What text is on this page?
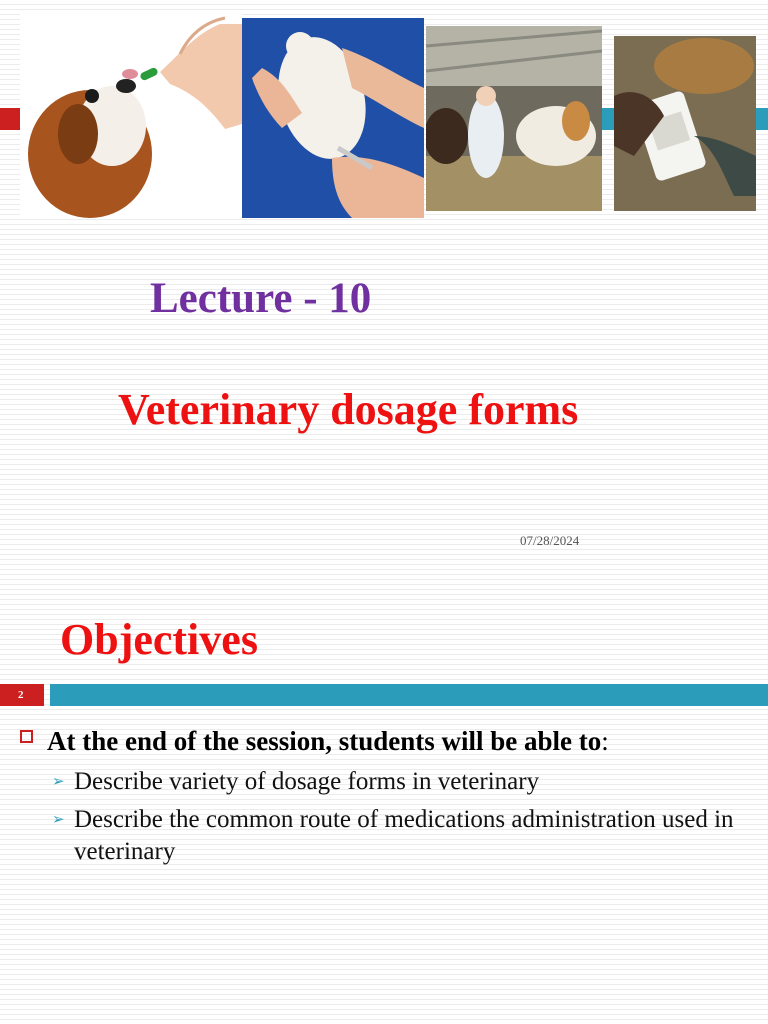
Lecture - 10
Veterinary dosage forms
07/28/2024
Objectives
2
At the end of the session, students will be able to:
➢ Describe variety of dosage forms in veterinary
➢ Describe the common route of medications administration used in veterinary
